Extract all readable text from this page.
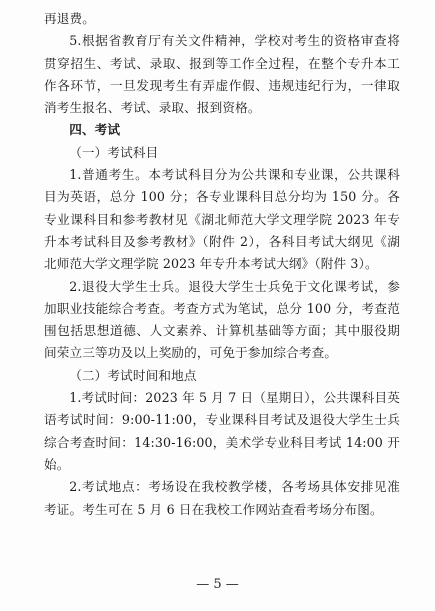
再退费。

5.根据省教育厅有关文件精神，学校对考生的资格审查将贯穿招生、考试、录取、报到等工作全过程，在整个专升本工作各环节，一旦发现考生有弄虚作假、违规违纪行为，一律取消考生报名、考试、录取、报到资格。

四、考试

（一）考试科目

1.普通考生。本考试科目分为公共课和专业课，公共课科目为英语，总分 100 分；各专业课科目总分均为 150 分。各专业课科目和参考教材见《湖北师范大学文理学院 2023 年专升本考试科目及参考教材》（附件 2），各科目考试大纲见《湖北师范大学文理学院 2023 年专升本考试大纲》（附件 3）。

2.退役大学生士兵。退役大学生士兵免于文化课考试，参加职业技能综合考查。考查方式为笔试，总分 100 分，考查范围包括思想道德、人文素养、计算机基础等方面；其中服役期间荣立三等功及以上奖励的，可免于参加综合考查。

（二）考试时间和地点

1.考试时间：2023 年 5 月 7 日（星期日），公共课科目英语考试时间：9:00-11:00，专业课科目考试及退役大学生士兵综合考查时间：14:30-16:00，美术学专业科目考试 14:00 开始。

2.考试地点：考场设在我校教学楼，各考场具体安排见准考证。考生可在 5 月 6 日在我校工作网站查看考场分布图。

— 5 —
